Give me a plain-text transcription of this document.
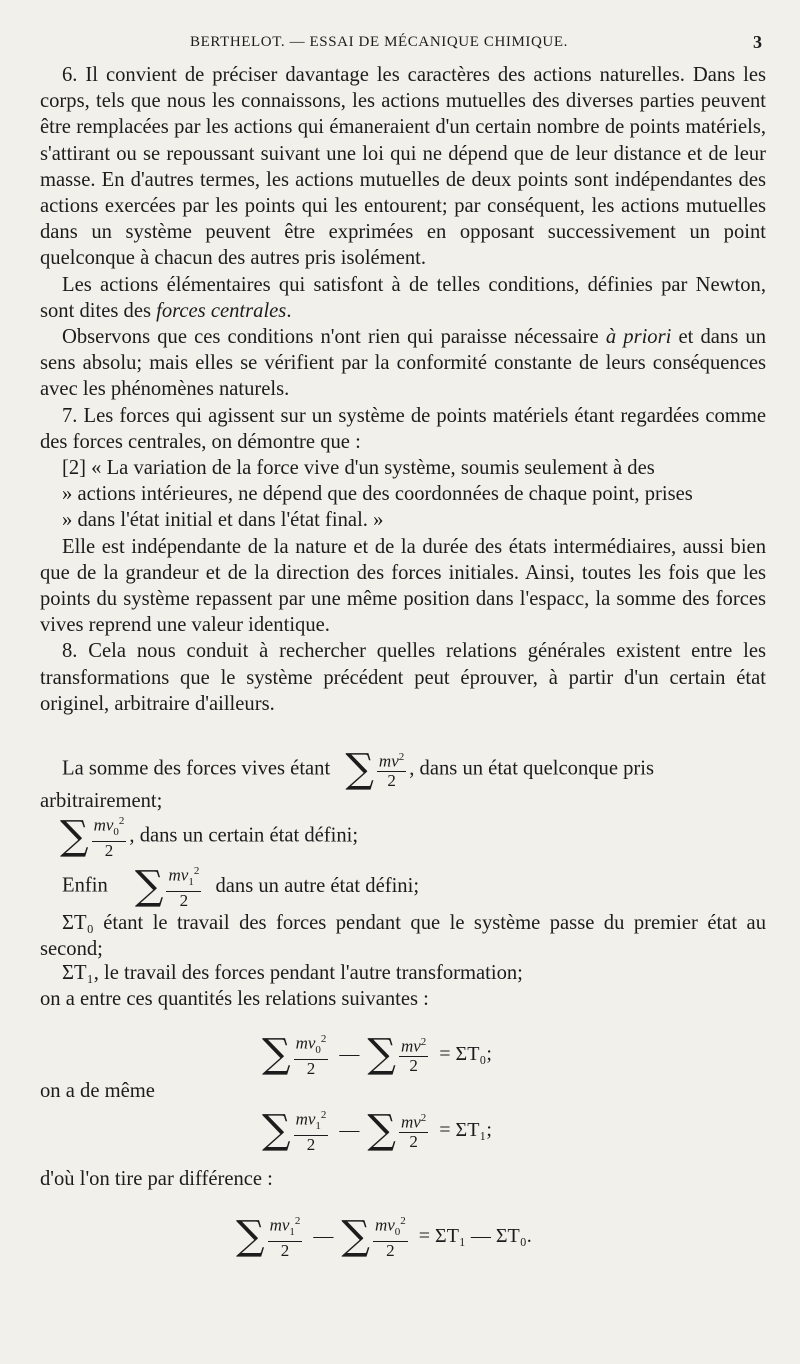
BERTHELOT. — ESSAI DE MÉCANIQUE CHIMIQUE.	3

6. Il convient de préciser davantage les caractères des actions naturelles. Dans les corps, tels que nous les connaissons, les actions mutuelles des diverses parties peuvent être remplacées par les actions qui émaneraient d'un certain nombre de points matériels, s'attirant ou se repoussant suivant une loi qui ne dépend que de leur distance et de leur masse. En d'autres termes, les actions mutuelles de deux points sont indépendantes des actions exercées par les points qui les entourent; par conséquent, les actions mutuelles dans un système peuvent être exprimées en opposant successivement un point quelconque à chacun des autres pris isolément.

Les actions élémentaires qui satisfont à de telles conditions, définies par Newton, sont dites des forces centrales.

Observons que ces conditions n'ont rien qui paraisse nécessaire à priori et dans un sens absolu; mais elles se vérifient par la conformité constante de leurs conséquences avec les phénomènes naturels.

7. Les forces qui agissent sur un système de points matériels étant regardées comme des forces centrales, on démontre que :

[2] « La variation de la force vive d'un système, soumis seulement à des
» actions intérieures, ne dépend que des coordonnées de chaque point, prises
» dans l'état initial et dans l'état final. »

Elle est indépendante de la nature et de la durée des états intermédiaires, aussi bien que de la grandeur et de la direction des forces initiales. Ainsi, toutes les fois que les points du système repassent par une même position dans l'espacc, la somme des forces vives reprend une valeur identique.

8. Cela nous conduit à rechercher quelles relations générales existent entre les transformations que le système précédent peut éprouver, à partir d'un certain état originel, arbitraire d'ailleurs.

La somme des forces vives étant ∑ $\frac{mv^2}{2}$ , dans un état quelconque pris
arbitrairement;
∑ $\frac{mv_0^2}{2}$ , dans un certain état défini;
Enfin ∑ $\frac{mv_1^2}{2}$ dans un autre état défini;
ΣT₀ étant le travail des forces pendant que le système passe du premier état au second;
ΣT₁, le travail des forces pendant l'autre transformation;
on a entre ces quantités les relations suivantes :
∑ $\frac{mv_0^2}{2}$ — ∑ $\frac{mv^2}{2} = \Sigma T_0$;
on a de même
∑ $\frac{mv_1^2}{2}$ — ∑ $\frac{mv^2}{2} = \Sigma T_1$;
d'où l'on tire par différence :
∑ $\frac{mv_1^2}{2}$ — ∑ $\frac{mv_0^2}{2} = \Sigma T_1$ — ΣT₀.
